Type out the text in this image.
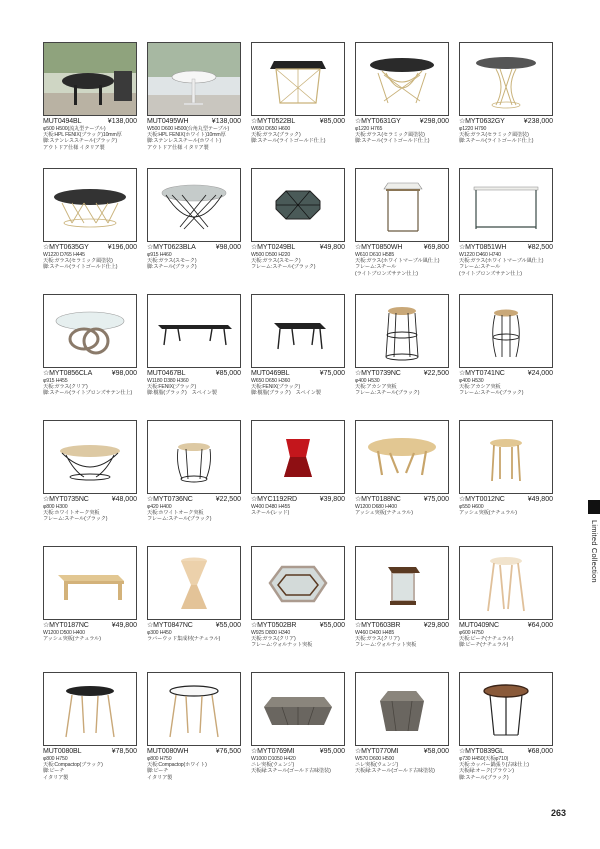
MUT0494BL	¥138,000
φ500 H500(流丸型テーブル)
天板:HPL FENIX(ブラック)10mm厚
脚:ステンレススチール(ブラック)
アウトドア仕様 イタリア製
MUT0495WH	¥138,000
W500 D600 H500(台角丸型テーブル)
天板:HPL FENIX(ホワイト)10mm厚
脚:ステンレススチール(ホワイト)
アウトドア仕様 イタリア製
☆MYT0522BL	¥85,000
W650 D650 H600
天板:ガラス(ブラック)
脚:スチール(ライトゴールド仕上)
☆MYT0631GY	¥298,000
φ1220 H765
天板:ガラス(セラミック風塗装)
脚:スチール(ライトゴールド仕上)
☆MYT0632GY	¥238,000
φ1220 H790
天板:ガラス(セラミック風塗装)
脚:スチール(ライトゴールド仕上)
☆MYT0635GY	¥196,000
W1220 D765 H445
天板:ガラス(セラミック風塗装)
脚:スチール(ライトゴールド仕上)
☆MYT0623BLA	¥98,000
φ915 H460
天板:ガラス(スモーク)
脚:スチール(ブラック)
☆MYT0249BL	¥49,800
W500 D500 H220
天板:ガラス(スモーク)
フレーム:スチール(ブラック)
☆MYT0850WH	¥69,800
W610 D610 H585
天板:ガラス(ホワイトマーブル風仕上)
フレーム:スチール
(ライトブロンズサテン仕上)
☆MYT0851WH	¥82,500
W1220 D460 H740
天板:ガラス(ホワイトマーブル風仕上)
フレーム:スチール
(ライトブロンズサテン仕上)
☆MYT0856CLA	¥98,000
φ915 H455
天板:ガラス(クリア)
脚:スチール(ライトブロンズサテン仕上)
MUT0467BL	¥85,000
W1180 D380 H360
天板:FENIX(ブラック)
脚:樹脂(ブラック)　スペイン製
MUT0469BL	¥75,000
W650 D650 H360
天板:FENIX(ブラック)
脚:樹脂(ブラック)　スペイン製
☆MYT0739NC	¥22,500
φ400 H530
天板:アカシア突板
フレーム:スチール(ブラック)
☆MYT0741NC	¥24,000
φ400 H530
天板:アカシア突板
フレーム:スチール(ブラック)
☆MYT0735NC	¥48,000
φ800 H300
天板:ホワイトオーク突板
フレーム:スチール(ブラック)
☆MYT0736NC	¥22,500
φ420 H400
天板:ホワイトオーク突板
フレーム:スチール(ブラック)
☆MYC1192RD	¥39,800
W400 D480 H455
スチール(レッド)
☆MYT0188NC	¥75,000
W1200 D680 H400
アッシュ突板(ナチュラル)
☆MYT0012NC	¥49,800
φ550 H600
アッシュ突板(ナチュラル)
☆MYT0187NC	¥49,800
W1200 D500 H400
アッシュ突板(ナチュラル)
☆MYT0847NC	¥55,000
φ300 H450
ラバーウッド集成材(ナチュラル)
☆MYT0502BR	¥55,000
W925 D800 H340
天板:ガラス(クリア)
フレーム:ウォルナット突板
☆MYT0603BR	¥29,800
W460 D400 H485
天板:ガラス(クリア)
フレーム:ウォルナット突板
MUT0409NC	¥64,000
φ600 H750
天板:ビーチ(ナチュラル)
脚:ビーチ(ナチュラル)
MUT0080BL	¥78,500
φ800 H750
天板:Compactop(ブラック)
脚:ビーチ
イタリア製
MUT0080WH	¥76,500
φ800 H750
天板:Compactop(ホワイト)
脚:ビーチ
イタリア製
☆MYT0769MI	¥95,000
W1000 D1050 H420
ニレ突板(ウェンジ)
天板縁:スチール(ゴールド古味塗装)
☆MYT0770MI	¥58,000
W570 D600 H500
ニレ突板(ウェンジ)
天板縁:スチール(ゴールド古味塗装)
☆MYT0839GL	¥68,000
φ730 H450(天板φ710)
天板:カッパー鍋張り(古味仕上)
天板縁:オーク(ブラウン)
脚:スチール(ブラック)
Limited Collection
263
